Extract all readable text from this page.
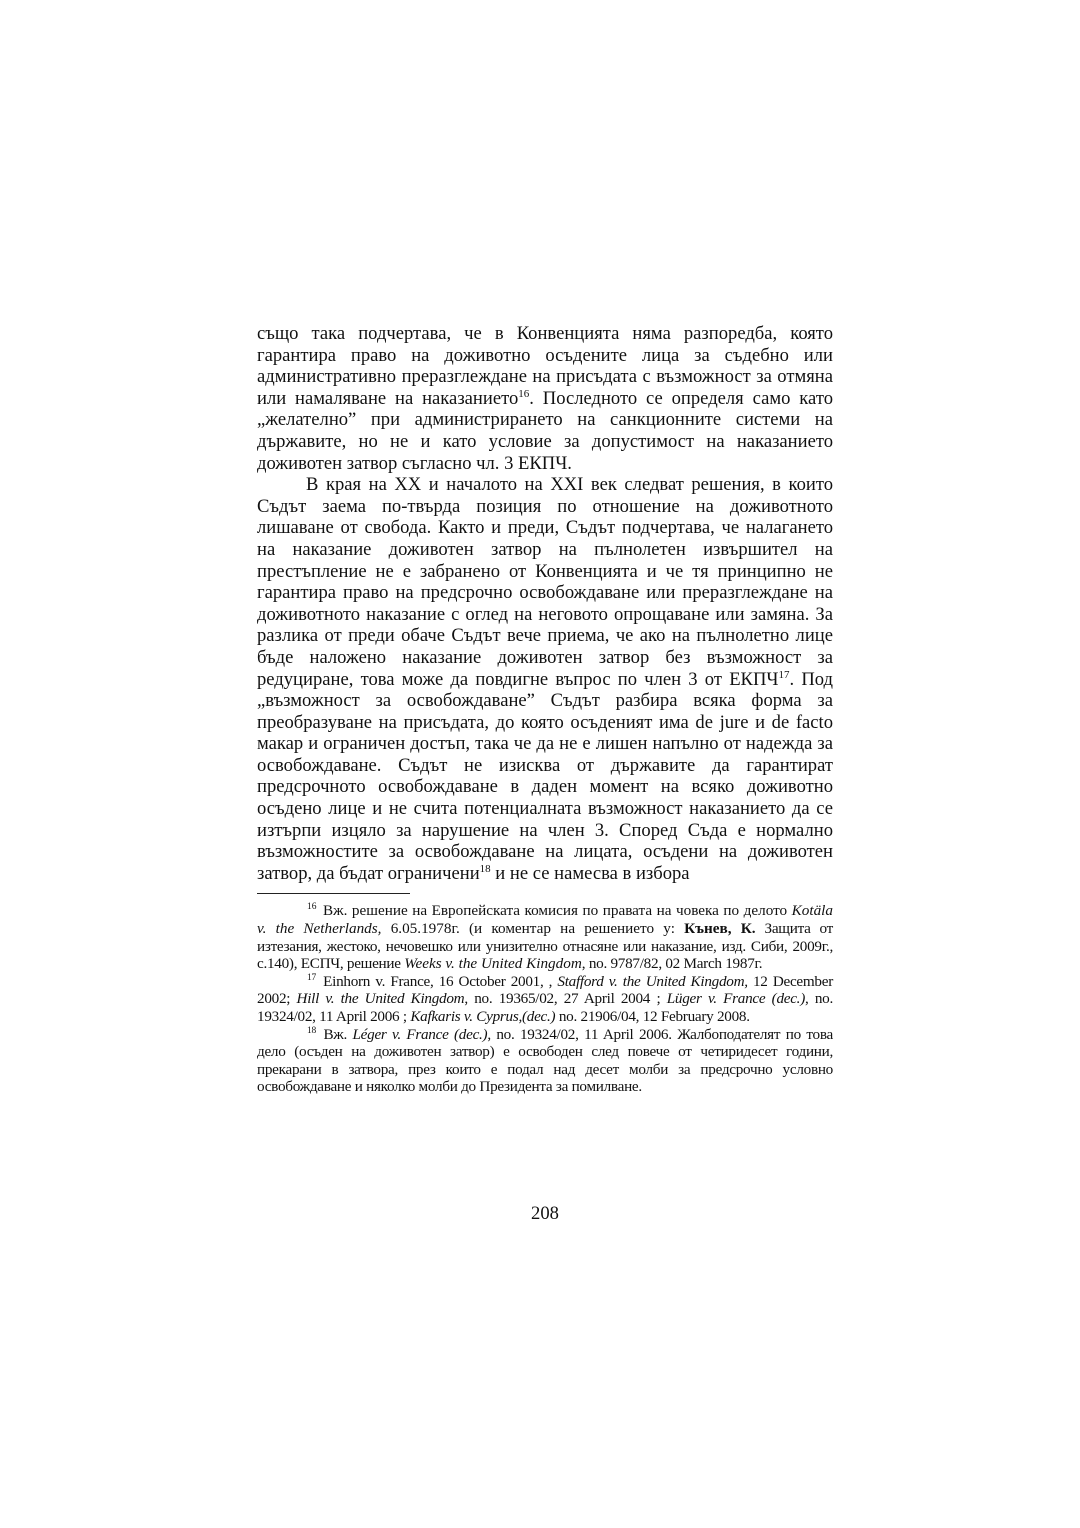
също така подчертава, че в Конвенцията няма разпоредба, която гарантира право на доживотно осъдените лица за съдебно или административно преразглеждане на присъдата с възможност за отмяна или намаляване на наказанието$^{16}$. Последното се определя само като „желателно” при администрирането на санкционните системи на държавите, но не и като условие за допустимост на наказанието доживотен затвор съгласно чл. 3 ЕКПЧ.

В края на XX и началото на XXI век следват решения, в които Съдът заема по-твърда позиция по отношение на доживотното лишаване от свобода. Както и преди, Съдът подчертава, че налагането на наказание доживотен затвор на пълнолетен извършител на престъпление не е забранено от Конвенцията и че тя принципно не гарантира право на предсрочно освобождаване или преразглеждане на доживотното наказание с оглед на неговото опрощаване или замяна. За разлика от преди обаче Съдът вече приема, че ако на пълнолетно лице бъде наложено наказание доживотен затвор без възможност за редуциране, това може да повдигне въпрос по член 3 от ЕКПЧ$^{17}$. Под „възможност за освобождаване” Съдът разбира всяка форма за преобразуване на присъдата, до която осъденият има de jure и de facto макар и ограничен достъп, така че да не е лишен напълно от надежда за освобождаване. Съдът не изисква от държавите да гарантират предсрочното освобождаване в даден момент на всяко доживотно осъдено лице и не счита потенциалната възможност наказанието да се изтърпи изцяло за нарушение на член 3. Според Съда е нормално възможностите за освобождаване на лицата, осъдени на доживотен затвор, да бъдат ограничени$^{18}$ и не се намесва в избора

$^{16}$ Вж. решение на Европейската комисия по правата на човека по делото Kotäla v. the Netherlands, 6.05.1978г. (и коментар на решението у: Кънев, К. Защита от изтезания, жестоко, нечовешко или унизително отнасяне или наказание, изд. Сиби, 2009г., с.140), ЕСПЧ, решение Weeks v. the United Kingdom, no. 9787/82, 02 March 1987г.

$^{17}$ Einhorn v. France, 16 October 2001, , Stafford v. the United Kingdom, 12 December 2002; Hill v. the United Kingdom, no. 19365/02, 27 April 2004 ; Lüger v. France (dec.), no. 19324/02, 11 April 2006 ; Kafkaris v. Cyprus,(dec.) no. 21906/04, 12 February 2008.

$^{18}$ Вж. Léger v. France (dec.), no. 19324/02, 11 April 2006. Жалбоподателят по това дело (осъден на доживотен затвор) е освободен след повече от четиридесет години, прекарани в затвора, през които е подал над десет молби за предсрочно условно освобождаване и няколко молби до Президента за помилване.

208
